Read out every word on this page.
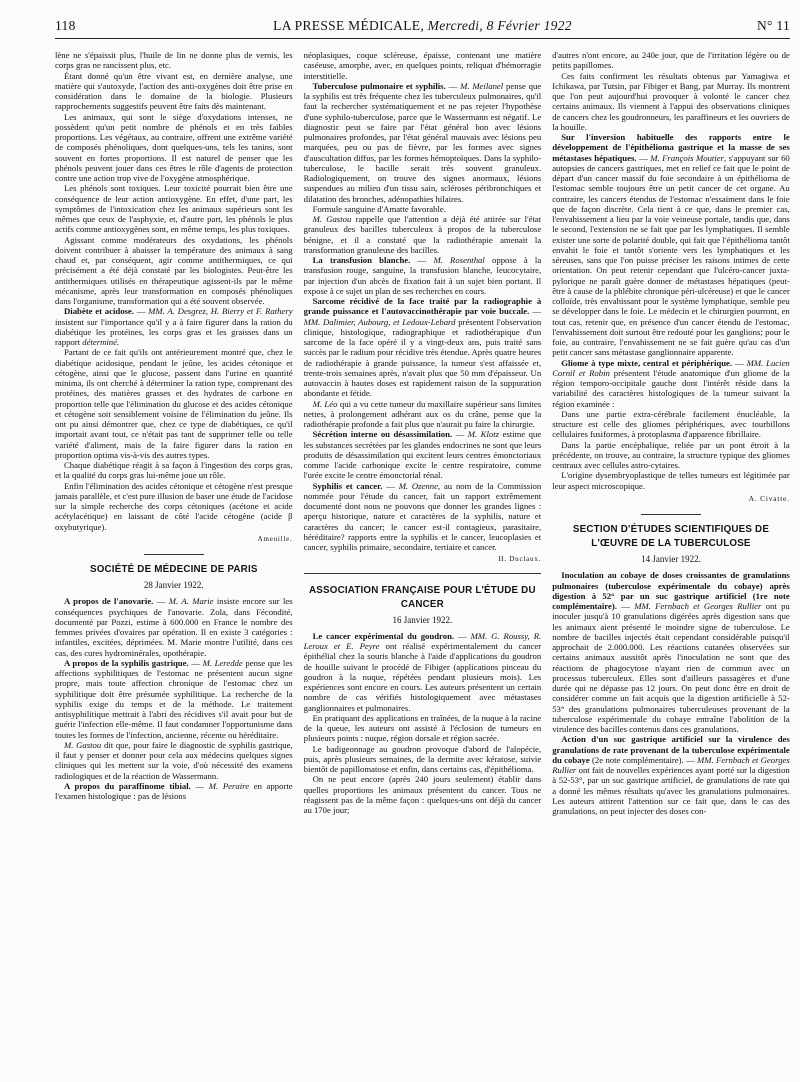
118	LA PRESSE MÉDICALE, Mercredi, 8 Février 1922	N° 11

lène ne s'épaissit plus, l'huile de lin ne donne plus de vernis, les corps gras ne rancissent plus, etc.

Étant donné qu'un être vivant est, en dernière analyse, une matière qui s'autoxyde, l'action des anti-oxygènes doit être prise en considération dans le domaine de la biologie. Plusieurs rapprochements suggestifs peuvent être faits dès maintenant.

Les animaux, qui sont le siège d'oxydations intenses, ne possèdent qu'un petit nombre de phénols et en très faibles proportions. Les végétaux, au contraire, offrent une extrême variété de composés phénoliques, dont quelques-uns, tels les tanins, sont souvent en fortes proportions. Il est naturel de penser que les phénols peuvent jouer dans ces êtres le rôle d'agents de protection contre une action trop vive de l'oxygène atmosphérique.

Les phénols sont toxiques. Leur toxicité pourrait bien être une conséquence de leur action antioxygène. En effet, d'une part, les symptômes de l'intoxication chez les animaux supérieurs sont les mêmes que ceux de l'asphyxie, et, d'autre part, les phénols le plus actifs comme antioxygènes sont, en même temps, les plus toxiques.

Agissant comme modérateurs des oxydations, les phénols doivent contribuer à abaisser la température des animaux à sang chaud et, par conséquent, agir comme antithermiques, ce qui précisément a été déjà constaté par les biologistes. Peut-être les antithermiques utilisés en thérapeutique agissent-ils par le même mécanisme, après leur transformation en composés phénoliques dans l'organisme, transformation qui a été souvent observée.

Diabète et acidose. — MM. A. Desgrez, H. Bierry et F. Rathery insistent sur l'importance qu'il y a à faire figurer dans la ration du diabétique les protéines, les corps gras et les graisses dans un rapport déterminé.

Partant de ce fait qu'ils ont antérieurement montré que, chez le diabétique acidosique, pendant le jeûne, les acides cétonique et cétogène, ainsi que le glucose, passent dans l'urine en quantité minima, ils ont cherché à déterminer la ration type, comprenant des protéines, des matières grasses et des hydrates de carbone en proportion telle que l'élimination du glucose et des acides cétonique et cétogène soit sensiblement voisine de l'élimination du jeûne. Ils ont pu ainsi démontrer que, chez ce type de diabétiques, ce qu'il importait avant tout, ce n'était pas tant de supprimer telle ou telle variété d'aliment, mais de la faire figurer dans la ration en proportion optima vis-à-vis des autres types.

Chaque diabétique réagit à sa façon à l'ingestion des corps gras, et la qualité du corps gras lui-même joue un rôle.

Enfin l'élimination des acides cétonique et cétogène n'est presque jamais parallèle, et c'est pure illusion de baser une étude de l'acidose sur la simple recherche des corps cétoniques (acétone et acide acétylacétique) en laissant de côté l'acide cétogène (acide β oxybutyrique).

Ameuille.
SOCIÉTÉ DE MÉDECINE DE PARIS
28 Janvier 1922.

A propos de l'anovarie. — M. A. Marie insiste encore sur les conséquences psychiques de l'anovarie. Zola, dans Fécondité, documenté par Pozzi, estime à 600.000 en France le nombre des femmes privées d'ovaires par opération. Il en existe 3 catégories : infantiles, excitées, déprimées. M. Marie montre l'utilité, dans ces cas, des cures hydrominérales, opothérapie.

A propos de la syphilis gastrique. — M. Leredde pense que les affections syphilitiques de l'estomac ne présentent aucun signe propre, mais toute affection chronique de l'estomac chez un syphilitique doit être présumée syphilitique. La recherche de la syphilis exige du temps et de la méthode. Le traitement antisyphilitique mettrait à l'abri des récidives s'il avait pour but de guérir l'infection elle-même. Il faut condamner l'opportunisme dans toutes les formes de l'infection, ancienne, récente ou héréditaire.

M. Gastou dit que, pour faire le diagnostic de syphilis gastrique, il faut y penser et donner pour cela aux médecins quelques signes cliniques qui les mettent sur la voie, d'où nécessité des examens radiologiques et de la réaction de Wassermann.

A propos du paraffinome tibial. — M. Peraire en apporte l'examen histologique : pas de lésions

néoplasiques, coque scléreuse, épaisse, contenant une matière caséeuse, amorphe, avec, en quelques points, reliquat d'hémorragie interstitielle.

Tuberculose pulmonaire et syphilis. — M. Meilanel pense que la syphilis est très fréquente chez les tuberculeux pulmonaires, qu'il faut la rechercher systématiquement et ne pas rejeter l'hypothèse d'une syphilo-tuberculose, parce que le Wassermann est négatif. Le diagnostic peut se faire par l'état général bon avec lésions pulmonaires profondes, par l'état général mauvais avec lésions peu marquées, peu ou pas de fièvre, par les formes avec signes d'auscultation diffus, par les formes hémoptoïques. Dans la syphilo-tuberculose, le bacille serait très souvent granuleux. Radiologiquement, on trouve des signes anormaux, lésions suspendues au milieu d'un tissu sain, scléroses péribronchiques et dilatation des bronches, adénopathies hilaires.

Formule sanguine d'Amatte favorable.

M. Gastou rappelle que l'attention a déjà été attirée sur l'état granuleux des bacilles tuberculeux à propos de la tuberculose bénigne, et il a constaté que la radiothérapie amenait la transformation granuleuse des bacilles.

La transfusion blanche. — M. Rosenthal oppose à la transfusion rouge, sanguine, la transfusion blanche, leucocytaire, par injection d'un abcès de fixation fait à un sujet bien portant. Il expose à ce sujet un plan de ses recherches en cours.

Sarcome récidivé de la face traité par la radiographie à grande puissance et l'autovaccinothérapie par voie buccale. — MM. Dalimier, Aubourg, et Ledoux-Lebard présentent l'observation clinique, histologique, radiographique et radiothérapique d'un sarcome de la face opéré il y a vingt-deux ans, puis traité sans succès par le radium pour récidive très étendue. Après quatre heures de radiothérapie à grande puissance, la tumeur s'est affaissée et, trente-trois semaines après, n'avait plus que 50 mm d'épaisseur. Un autovaccin à hautes doses est rapidement raison de la suppuration abondante et fétide.

M. Léo qui a vu cette tumeur du maxillaire supérieur sans limites nettes, à prolongement adhérant aux os du crâne, pense que la radiothérapie profonde a fait plus que n'aurait pu faire la chirurgie.

Sécrétion interne ou désassimilation. — M. Klotz estime que les substances secrétées par les glandes endocrines ne sont que leurs produits de désassimilation qui excitent leurs centres émonctoriaux comme l'acide carbonique excite le centre respiratoire, comme l'urée excite le centre émonctorial rénal.

Syphilis et cancer. — M. Ozenne, au nom de la Commission nommée pour l'étude du cancer, fait un rapport extrêmement documenté dont nous ne pouvons que donner les grandes lignes : aperçu historique, nature et caractères de la syphilis, nature et caractères du cancer; le cancer est-il contagieux, parasitaire, héréditaire? rapports entre la syphilis et le cancer, leucoplasies et cancer, syphilis primaire, secondaire, tertiaire et cancer.

H. Duclaux.
ASSOCIATION FRANÇAISE POUR L'ÉTUDE DU CANCER
16 Janvier 1922.

Le cancer expérimental du goudron. — MM. G. Roussy, R. Leroux et E. Peyre ont réalisé expérimentalement du cancer épithélial chez la souris blanche à l'aide d'applications du goudron de houille suivant le procédé de Fibiger (applications pinceau du goudron à la nuque, répétées pendant plusieurs mois). Les expériences sont encore en cours. Les auteurs présentent un certain nombre de cas vérifiés histologiquement avec métastases ganglionnaires et pulmonaires.

En pratiquant des applications en traînées, de la nuque à la racine de la queue, les auteurs ont assisté à l'éclosion de tumeurs en plusieurs points : nuque, région dorsale et région sacrée.

Le badigeonnage au goudron provoque d'abord de l'alopécie, puis, après plusieurs semaines, de la dermite avec kératose, suivie bientôt de papillomatose et enfin, dans certains cas, d'épithélioma.

On ne peut encore (après 240 jours seulement) établir dans quelles proportions les animaux présentent du cancer. Tous ne réagissent pas de la même façon : quelques-uns ont déjà du cancer au 170e jour;

d'autres n'ont encore, au 240e jour, que de l'irritation légère ou de petits papillomes.

Ces faits confirment les résultats obtenus par Yamagiwa et Ichikawa, par Tutsin, par Fibiger et Bang, par Murray. Ils montrent que l'on peut aujourd'hui provoquer à volonté le cancer chez certains animaux. Ils viennent à l'appui des observations cliniques de cancers chez les goudronneurs, les paraffineurs et les ouvriers de la houille.

Sur l'inversion habituelle des rapports entre le développement de l'épithélioma gastrique et la masse de ses métastases hépatiques. — M. François Moutier, s'appuyant sur 60 autopsies de cancers gastriques, met en relief ce fait que le point de départ d'un cancer massif du foie secondaire à un épithélioma de l'estomac semble toujours être un petit cancer de cet organe. Au contraire, les cancers étendus de l'estomac n'essaiment dans le foie que de façon discrète. Cela tient à ce que, dans le premier cas, l'envahissement a lieu par la voie veineuse portale, tandis que, dans le second, l'extension ne se fait que par les lymphatiques. Il semble exister une sorte de polarité double, qui fait que l'épithélioma tantôt envahit le foie et tantôt s'oriente vers les lymphatiques et les séreuses, sans que l'on puisse préciser les raisons intimes de cette orientation. On peut retenir cependant que l'ulcéro-cancer juxta-pylorique ne paraît guère donner de métastases hépatiques (peut-être à cause de la phlébite chronique péri-ulcéreuse) et que le cancer colloïde, très envahissant pour le système lymphatique, semble peu se développer dans le foie. Le médecin et le chirurgien pourront, en tout cas, retenir que, en présence d'un cancer étendu de l'estomac, l'envahissement doit surtout être redouté pour les ganglions; pour le foie, au contraire, l'envahissement ne se fait guère qu'au cas d'un petit cancer sans métastase ganglionnaire apparente.

Gliome à type mixte, central et périphérique. — MM. Lucien Cornil et Robin présentent l'étude anatomique d'un gliome de la région temporo-occipitale gauche dont l'intérêt réside dans la variabilité des caractères histologiques de la tumeur suivant la région examinée :

Dans une partie extra-cérébrale facilement énucléable, la structure est celle des gliomes périphériques, avec tourbillons cellulaires fusiformes, à protoplasma d'apparence fibrillaire.

Dans la partie encéphalique, reliée par un pont étroit à la précédente, on trouve, au contraire, la structure typique des gliomes centraux avec cellules astro-cytaires.

L'origine dysembryoplastique de telles tumeurs est légitimée par leur aspect microscopique.

A. Civatte.
SECTION D'ÉTUDES SCIENTIFIQUES DE L'ŒUVRE DE LA TUBERCULOSE
14 Janvier 1922.

Inoculation au cobaye de doses croissantes de granulations pulmonaires (tuberculose expérimentale du cobaye) après digestion à 52° par un suc gastrique artificiel (1re note complémentaire). — MM. Fernbach et Georges Rullier ont pu inoculer jusqu'à 10 granulations digérées après digestion sans que les animaux aient présenté le moindre signe de tuberculose. Le nombre de bacilles injectés était cependant considérable puisqu'il approchait de 2.000.000. Les réactions cutanées observées sur certains animaux aussitôt après l'inoculation ne sont que des réactions de phagocytose n'ayant rien de commun avec un processus tuberculeux. Elles sont d'ailleurs passagères et d'une durée qui ne dépasse pas 12 jours. On peut donc être en droit de considérer comme un fait acquis que la digestion artificielle à 52-53° des granulations pulmonaires tuberculeuses provenant de la tuberculose expérimentale du cobaye entraîne l'abolition de la virulence des bacilles contenus dans ces granulations.

Action d'un suc gastrique artificiel sur la virulence des granulations de rate provenant de la tuberculose expérimentale du cobaye (2e note complémentaire). — MM. Fernbach et Georges Rullier ont fait de nouvelles expériences ayant porté sur la digestion à 52-53°, par un suc gastrique artificiel, de granulations de rate qui a donné les mêmes résultats qu'avec les granulations pulmonaires. Les auteurs attirent l'attention sur ce fait que, dans le cas des granulations, on peut injecter des doses con-
